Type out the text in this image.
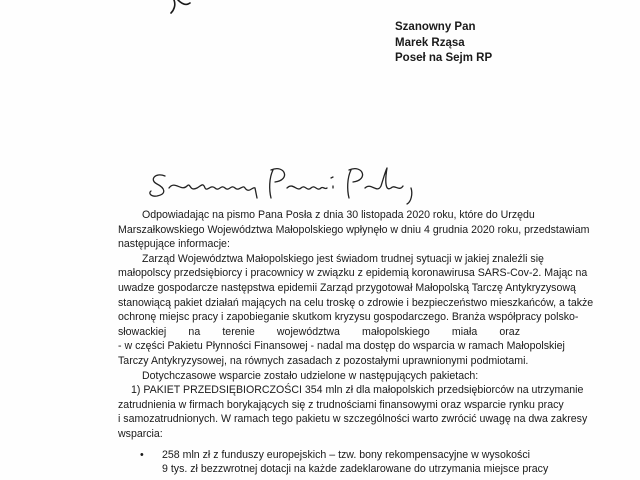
Szanowny Pan
Marek Rząsa
Poseł na Sejm RP
Odpowiadając na pismo Pana Posła z dnia 30 listopada 2020 roku, które do Urzędu
Marszałkowskiego Województwa Małopolskiego wpłynęło w dniu 4 grudnia 2020 roku, przedstawiam
następujące informacje:
Zarząd Województwa Małopolskiego jest świadom trudnej sytuacji w jakiej znaleźli się
małopolscy przedsiębiorcy i pracownicy w związku z epidemią koronawirusa SARS-Cov-2. Mając na
uwadze gospodarcze następstwa epidemii Zarząd przygotował Małopolską Tarczę Antykryzysową
stanowiącą pakiet działań mających na celu troskę o zdrowie i bezpieczeństwo mieszkańców, a także
ochronę miejsc pracy i zapobieganie skutkom kryzysu gospodarczego. Branża współpracy polsko-
słowackiej na terenie województwa małopolskiego miała oraz
- w części Pakietu Płynności Finansowej - nadal ma dostęp do wsparcia w ramach Małopolskiej
Tarczy Antykryzysowej, na równych zasadach z pozostałymi uprawnionymi podmiotami.
Dotychczasowe wsparcie zostało udzielone w następujących pakietach:
1) PAKIET PRZEDSIĘBIORCZOŚCI 354 mln zł dla małopolskich przedsiębiorców na utrzymanie
zatrudnienia w firmach borykających się z trudnościami finansowymi oraz wsparcie rynku pracy
i samozatrudnionych. W ramach tego pakietu w szczególności warto zwrócić uwagę na dwa zakresy
wsparcia:
•	258 mln zł z funduszy europejskich – tzw. bony rekompensacyjne w wysokości
9 tys. zł bezzwrotnej dotacji na każde zadeklarowane do utrzymania miejsce pracy
